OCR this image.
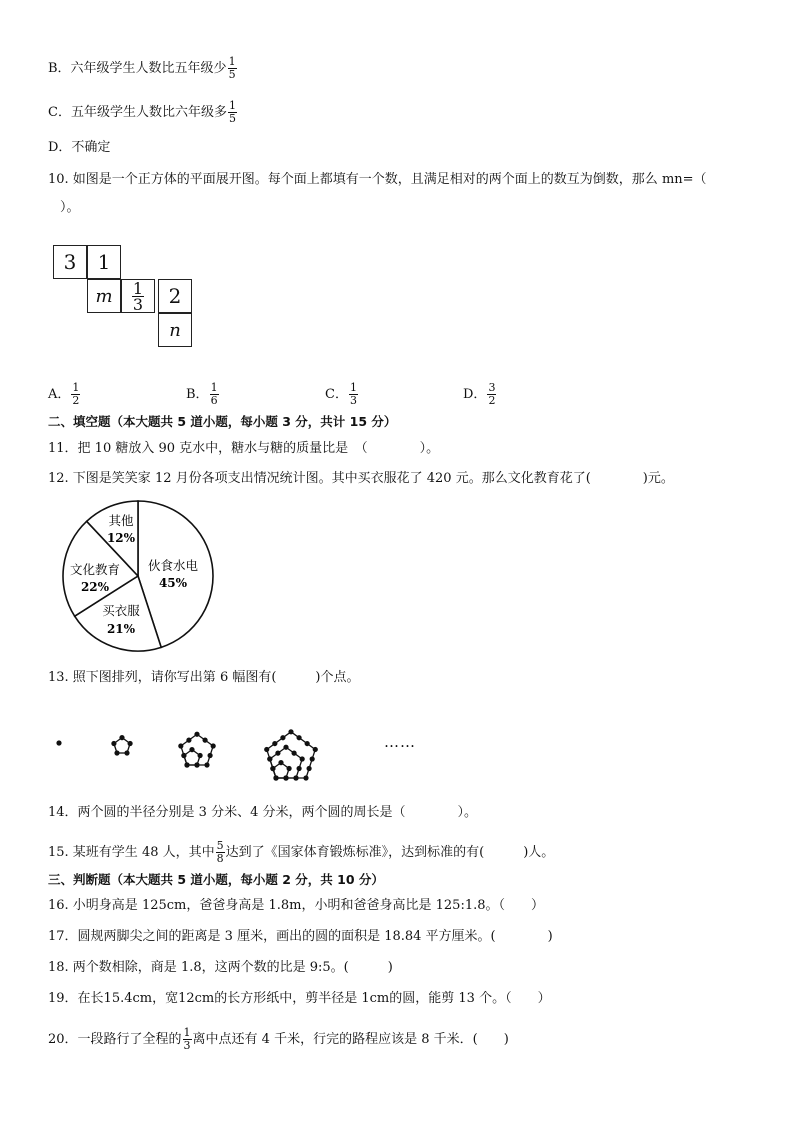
B．六年级学生人数比五年级少 $\frac{1}{5}$
C．五年级学生人数比六年级多 $\frac{1}{5}$
D．不确定
10. 如图是一个正方体的平面展开图。每个面上都填有一个数，且满足相对的两个面上的数互为倒数，那么 mn=（
）。
3	1
m	$\frac{1}{3}$	2
n
A． $\frac{1}{2}$	B． $\frac{1}{6}$	C． $\frac{1}{3}$	D． $\frac{3}{2}$
二、填空题（本大题共 5 道小题，每小题 3 分，共计 15 分）
11．把 10 糖放入 90 克水中，糖水与糖的质量比是　（　　　　）。
12. 下图是笑笑家 12 月份各项支出情况统计图。其中买衣服花了 420 元。那么文化教育花了(　　　　)元。
其他
12%
伙食水电
45%
文化教育
22%
买衣服
21%
13. 照下图排列，请你写出第 6 幅图有(　　　)个点。
……
14．两个圆的半径分别是 3 分米、4 分米，两个圆的周长是（　　　　）。
15. 某班有学生 48 人，其中 $\frac{5}{8}$ 达到了《国家体育锻炼标准》，达到标准的有(　　　)人。
三、判断题（本大题共 5 道小题，每小题 2 分，共 10 分）
16. 小明身高是 125cm，爸爸身高是 1.8m，小明和爸爸身高比是 125:1.8。（　　）
17．圆规两脚尖之间的距离是 3 厘米，画出的圆的面积是 18.84 平方厘米。(　　　　)
18. 两个数相除，商是 1.8，这两个数的比是 9:5。(　　　)
19．在长15.4cm，宽12cm的长方形纸中，剪半径是 1cm的圆，能剪 13 个。（　　）
20．一段路行了全程的 $\frac{1}{3}$ 离中点还有 4 千米，行完的路程应该是 8 千米．(　　)
